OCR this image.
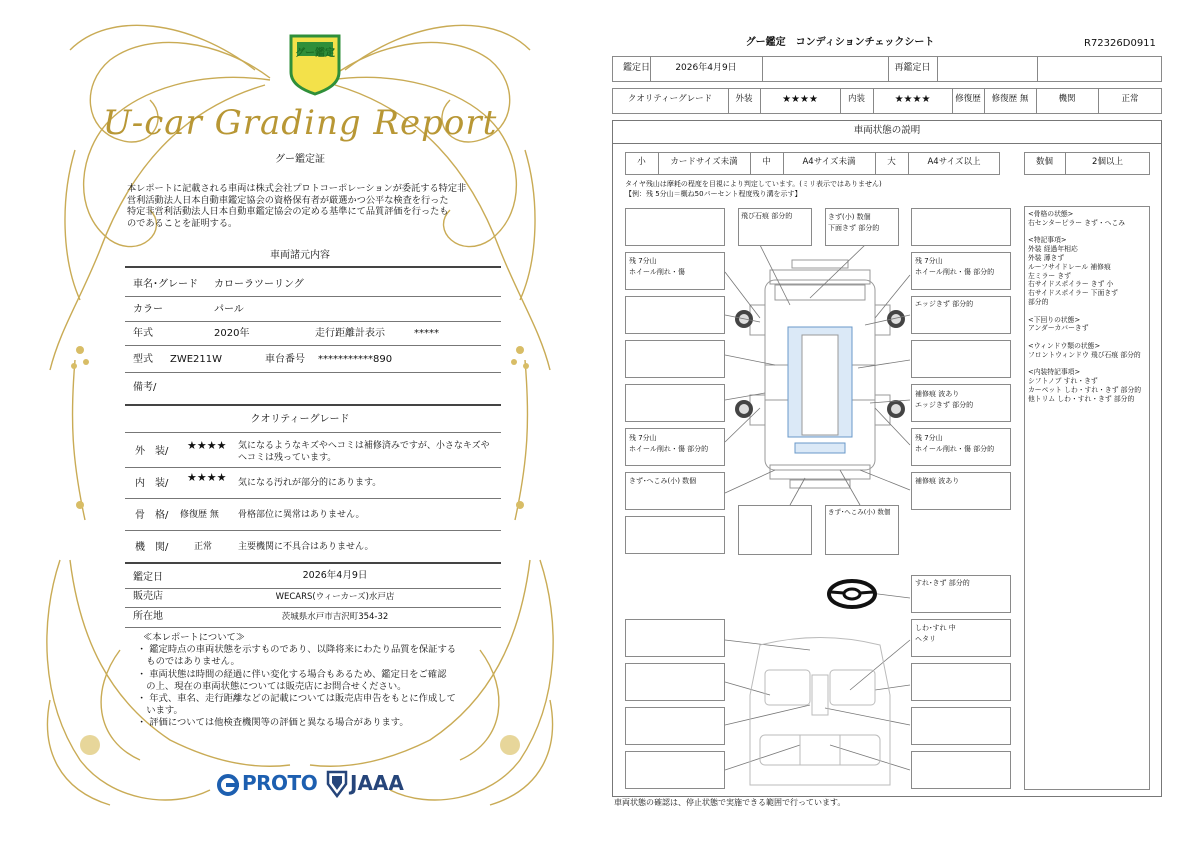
グー鑑定
U-car Grading Report
グー鑑定証
本レポートに記載される車両は株式会社プロトコーポレーションが委託する特定非
営利活動法人日本自動車鑑定協会の資格保有者が厳選かつ公平な検査を行った
特定非営利活動法人日本自動車鑑定協会の定める基準にて品質評価を行ったも
のであることを証明する。
車両諸元内容
車名･グレード カローラツーリング
カラー	パール
年式	2020年	走行距離計表示	*****
型式 ZWE211W	車台番号 ***********890
備考/
クオリティーグレード
外　装/ ★★★★ 気になるようなキズやヘコミは補修済みですが、小さなキズや
ヘコミは残っています。
内　装/ ★★★★ 気になる汚れが部分的にあります。
骨　格/ 修復歴 無 骨格部位に異常はありません。
機　関/	正常	主要機関に不具合はありません。
鑑定日	2026年4月9日
販売店	WECARS(ウィーカーズ)水戸店
所在地	茨城県水戸市吉沢町354-32
≪本レポートについて≫
・ 鑑定時点の車両状態を示すものであり、以降将来にわたり品質を保証する
　ものではありません。
・ 車両状態は時間の経過に伴い変化する場合もあるため、鑑定日をご確認
　の上、現在の車両状態については販売店にお問合せください。
・ 年式、車名、走行距離などの記載については販売店申告をもとに作成して
　います。
・ 評価については他検査機関等の評価と異なる場合があります。
PROTO JAAA
グー鑑定　コンディションチェックシート	R72326D0911
鑑定日	2026年4月9日	再鑑定日
クオリティーグレード	外装	★★★★	内装	★★★★	修復歴	修復歴 無	機関	正常
車両状態の説明
小	カードサイズ未満	中	A4サイズ未満	大	A4サイズ以上	数個	2個以上
タイヤ残山は摩耗の程度を目視により判定しています。(ミリ表示ではありません)
【例：残 5分山＝概ね50パーセント程度残り溝を示す】
飛び石痕 部分的	きず(小) 数個
下面きず 部分的
残 7分山
ホイール削れ・傷
残 7分山
ホイール削れ・傷 部分的
エッジきず 部分的
補修痕 波あり
エッジきず 部分的
残 7分山
ホイール削れ・傷 部分的
残 7分山
ホイール削れ・傷 部分的
きず･へこみ(小) 数個	補修痕 波あり
きず･へこみ(小) 数個
すれ･きず 部分的
しわ･すれ 中
ヘタリ
<骨格の状態>
右センターピラー きず・へこみ
<特記事項>
外装 経過年相応
外装 薄きず
ルーフサイドレール 補修痕
左ミラー きず
右サイドスポイラー きず 小
右サイドスポイラー 下面きず
部分的
<下回りの状態>
アンダーカバーきず
<ウィンドウ類の状態>
フロントウィンドウ 飛び石痕 部分的
<内装特記事項>
シフトノブ すれ・きず
カーペット しわ・すれ・きず 部分的
他トリム しわ・すれ・きず 部分的
車両状態の確認は、停止状態で実施できる範囲で行っています。
